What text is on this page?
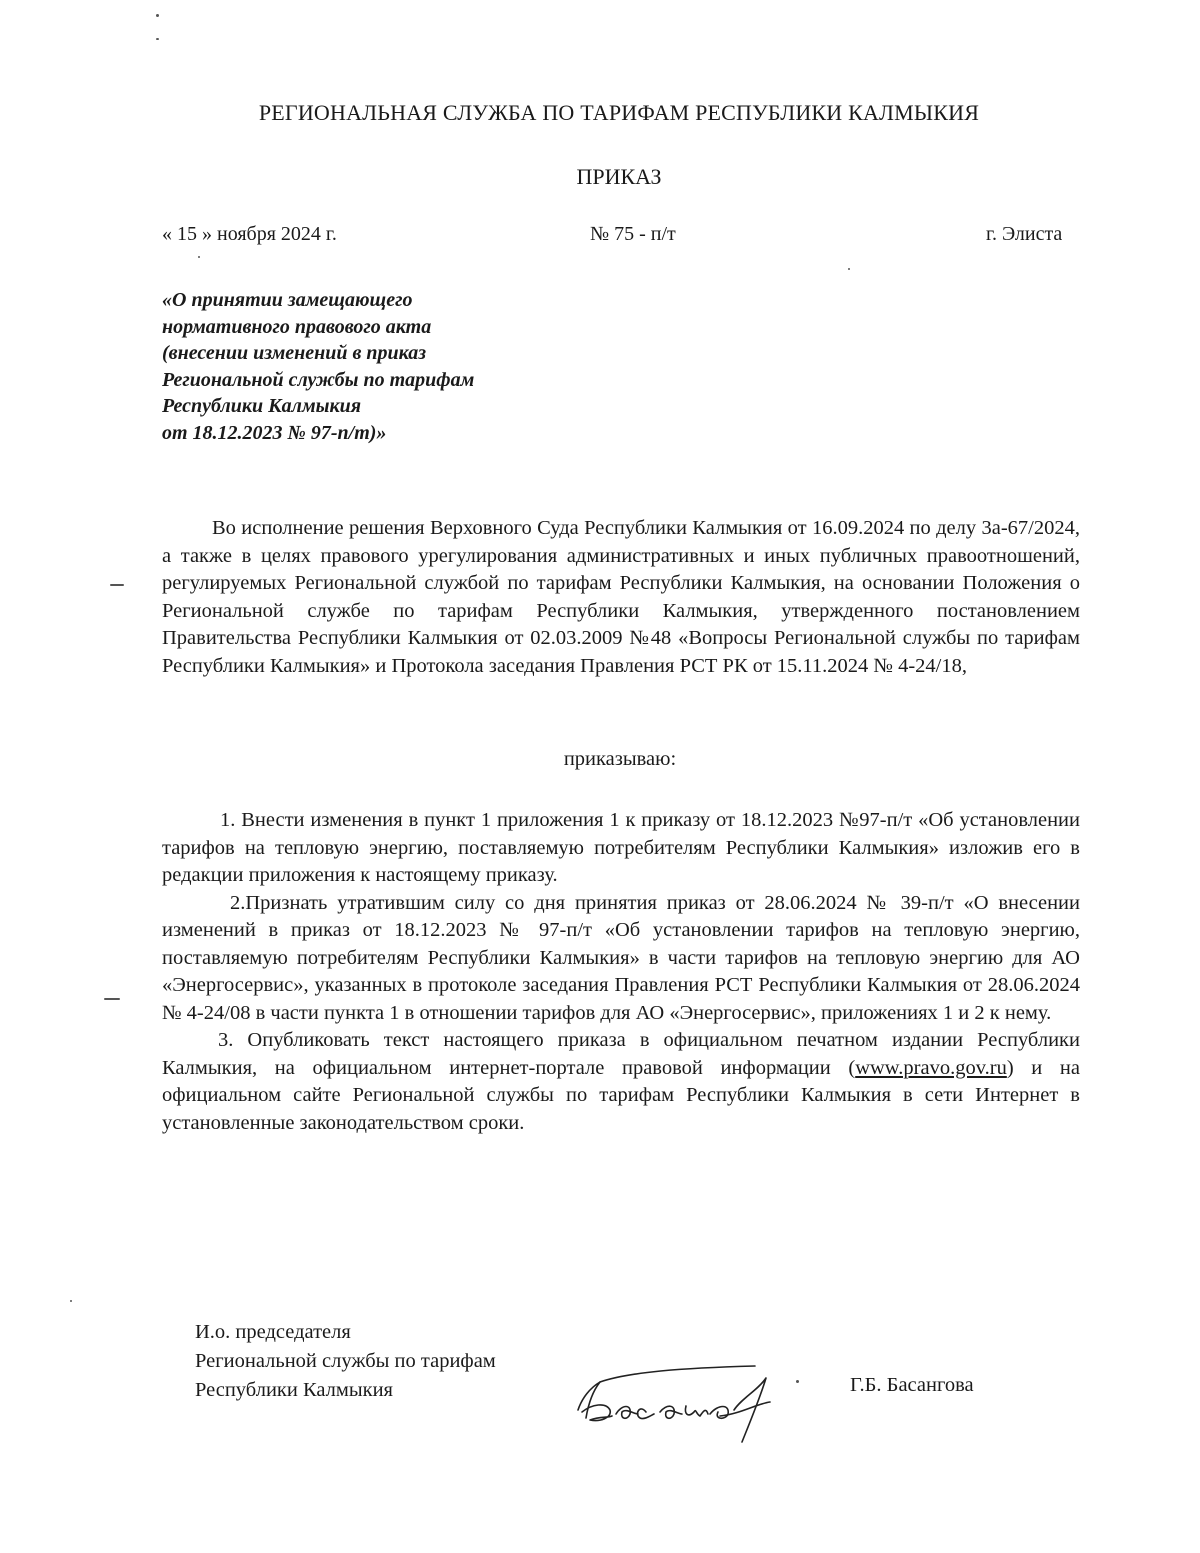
РЕГИОНАЛЬНАЯ СЛУЖБА ПО ТАРИФАМ РЕСПУБЛИКИ КАЛМЫКИЯ
ПРИКАЗ
« 15 » ноября 2024 г.	№ 75 - п/т	г. Элиста
«О принятии замещающего
нормативного правового акта
(внесении изменений в приказ
Региональной службы по тарифам
Республики Калмыкия
от 18.12.2023 № 97-п/т)»

Во исполнение решения Верховного Суда Республики Калмыкия от 16.09.2024 по делу 3а-67/2024, а также в целях правового урегулирования административных и иных публичных правоотношений, регулируемых Региональной службой по тарифам Республики Калмыкия, на основании Положения о Региональной службе по тарифам Республики Калмыкия, утвержденного постановлением Правительства Республики Калмыкия от 02.03.2009 №48 «Вопросы Региональной службы по тарифам Республики Калмыкия» и Протокола заседания Правления РСТ РК от 15.11.2024 № 4-24/18,

приказываю:

1. Внести изменения в пункт 1 приложения 1 к приказу от 18.12.2023 №97-п/т «Об установлении тарифов на тепловую энергию, поставляемую потребителям Республики Калмыкия» изложив его в редакции приложения к настоящему приказу.

2.Признать утратившим силу со дня принятия приказ от 28.06.2024 № 39-п/т «О внесении изменений в приказ от 18.12.2023 № 97-п/т «Об установлении тарифов на тепловую энергию, поставляемую потребителям Республики Калмыкия» в части тарифов на тепловую энергию для АО «Энергосервис», указанных в протоколе заседания Правления РСТ Республики Калмыкия от 28.06.2024 № 4-24/08 в части пункта 1 в отношении тарифов для АО «Энергосервис», приложениях 1 и 2 к нему.

3. Опубликовать текст настоящего приказа в официальном печатном издании Республики Калмыкия, на официальном интернет-портале правовой информации (www.pravo.gov.ru) и на официальном сайте Региональной службы по тарифам Республики Калмыкия в сети Интернет в установленные законодательством сроки.

И.о. председателя
Региональной службы по тарифам
Республики Калмыкия	Г.Б. Басангова
